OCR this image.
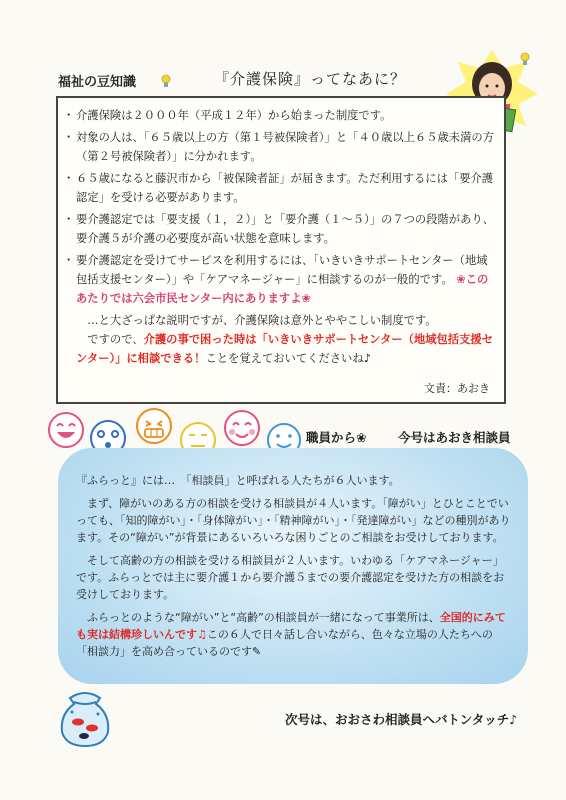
福祉の豆知識	『介護保険』ってなあに？
・ 介護保険は２０００年（平成１２年）から始まった制度です。
・ 対象の人は、「６５歳以上の方（第１号被保険者）」と「４０歳以上６５歳未満の方（第２号被保険者）」に分かれます。
・ ６５歳になると藤沢市から「被保険者証」が届きます。ただ利用するには「要介護認定」を受ける必要があります。
・ 要介護認定では「要支援（１，２）」と「要介護（１〜５）」の７つの段階があり、要介護５が介護の必要度が高い状態を意味します。
・ 要介護認定を受けてサービスを利用するには、「いきいきサポートセンター（地域包括支援センター）」や「ケアマネージャー」に相談するのが一般的です。 ❀このあたりでは六会市民センター内にありますよ❀
…と大ざっぱな説明ですが、介護保険は意外とややこしい制度です。
ですので、介護の事で困った時は「いきいきサポートセンター（地域包括支援センター）」に相談できる！ことを覚えておいてくださいね♪
文責：あおき
職員から❀	今号はあおき相談員

『ふらっと』には…　「相談員」と呼ばれる人たちが６人います。

まず、障がいのある方の相談を受ける相談員が４人います。「障がい」とひとことでいっても、「知的障がい」・「身体障がい」・「精神障がい」・「発達障がい」などの種別があります。その“障がい”が背景にあるいろいろな困りごとのご相談をお受けしております。

そして高齢の方の相談を受ける相談員が２人います。いわゆる「ケアマネージャー」です。ふらっとでは主に要介護１から要介護５までの要介護認定を受けた方の相談をお受けしております。

ふらっとのような“障がい”と“高齢”の相談員が一緒になって事業所は、全国的にみても実は結構珍しいんです♫この６人で日々話し合いながら、色々な立場の人たちへの「相談力」を高め合っているのです✎

次号は、おおさわ相談員へバトンタッチ♪
